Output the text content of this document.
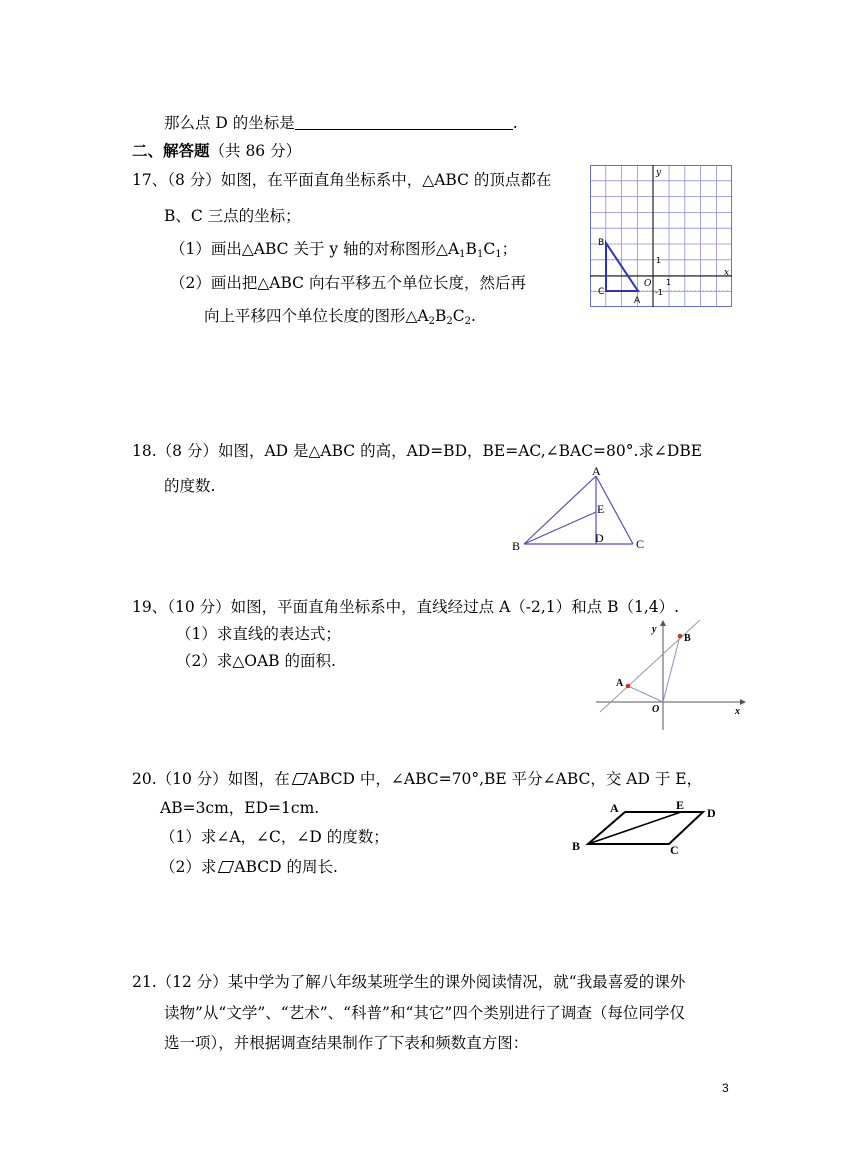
那么点 D 的坐标是	.
二、解答题（共 86 分）
17、（8 分）如图，在平面直角坐标系中，△ABC 的顶点都在
B、C 三点的坐标；
（1）画出△ABC 关于 y 轴的对称图形$\triangle A_1B_1C_1$；
（2）画出把△ABC 向右平移五个单位长度，然后再
向上平移四个单位长度的图形$\triangle A_2B_2C_2$.
y
x
O
1
1
-1
B
C
A
18.（8 分）如图，AD 是△ABC 的高，AD=BD，BE=AC,∠BAC=80°.求∠DBE
的度数.
A
B	C
D
E
19、（10 分）如图，平面直角坐标系中，直线经过点 A（-2,1）和点 B（1,4）.
（1）求直线的表达式；
（2）求△OAB 的面积.
A
B
O
y
x
20.（10 分）如图，在 ABCD 中，∠ABC=70°,BE 平分∠ABC，交 AD 于 E，
AB=3cm，ED=1cm.
（1）求∠A，∠C，∠D 的度数；
（2）求 ABCD 的周长.
A	E
D
B	C
21.（12 分）某中学为了解八年级某班学生的课外阅读情况，就“我最喜爱的课外
读物”从“文学”、“艺术”、“科普”和“其它”四个类别进行了调查（每位同学仅
选一项），并根据调查结果制作了下表和频数直方图：
3
